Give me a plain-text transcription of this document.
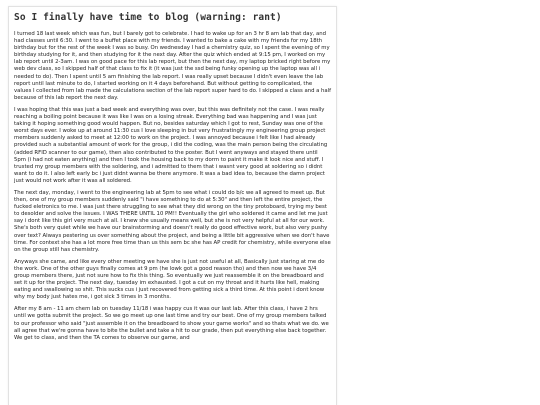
So I finally have time to blog (warning: rant)

I turned 18 last week which was fun, but I barely got to celebrate. I had to wake up for an 3 hr 8 am lab that day, and had classes until 6:30. I went to a buffet place with my friends. I wanted to bake a cake with my friends for my 18th birthday but for the rest of the week I was so busy. On wednesday I had a chemistry quiz, so I spent the evening of my birthday studying for it, and then studying for it the next day. After the quiz which ended at 9:15 pm, I worked on my lab report until 2-3am. I was on good pace for this lab report, but then the next day, my laptop bricked right before my web dev class, so I skipped half of that class to fix it (it was just the ssd being funky opening up the laptop was all i needed to do). Then I spent until 5 am finishing the lab report. I was really upset because I didn't even leave the lab report until last minute to do, I started working on it 4 days beforehand. But without getting to complicated, the values I collected from lab made the calculations section of the lab report super hard to do. I skipped a class and a half because of this lab report the next day.

I was hoping that this was just a bad week and everything was over, but this was definitely not the case. I was really reaching a boiling point because it was like I was on a losing streak. Everything bad was happening and I was just taking it hoping something good would happen. But no, besides saturday which I got to rest, Sunday was one of the worst days ever. I woke up at around 11:30 cus I love sleeping in but very frustratingly my engineering group project members suddenly asked to meet at 12:00 to work on the project. I was annoyed because i felt like I had already provided such a substantial amount of work for the group, i did the coding, was the main person being the circulating (added RFID scanner to our game), then also contributed to the poster. But I went anyways and stayed there until 5pm (i had not eaten anything) and then I took the housing back to my dorm to paint it make it look nice and stuff. I trusted my group members with the soldering, and i admitted to them that i wasnt very good at soldering so i didnt want to do it. I also left early bc i just didnt wanna be there anymore. It was a bad idea to, because the damn project just would not work after it was all soldered.

The next day, monday, i went to the engineering lab at 5pm to see what i could do b/c we all agreed to meet up. But then, one of my group members suddenly said "i have something to do at 5:30" and then left the entire project, the fucked eletronics to me. I was just there struggling to see what they did wrong on the tiny protoboard, trying my best to desolder and solve the issues. I WAS THERE UNTIL 10 PM!! Eventually the girl who soldered it came and let me just say i dont like this girl very much at all. I knew she usually means well, but she is not very helpful at all for our work. She's both very quiet while we have our brainstorming and doesn't really do good effective work, but also very pushy over text? Always pestering us over something about the project, and being a little bit aggressive when we don't have time. For context she has a lot more free time than us this sem bc she has AP credit for chemistry, while everyone else on the group still has chemistry.

Anyways she came, and like every other meeting we have she is just not useful at all, Basically just staring at me do the work. One of the other guys finally comes at 9 pm (he lowk got a good reason tho) and then now we have 3/4 group members there, just not sure how to fix this thing. So eventually we just reassemble it on the breadboard and set it up for the project. The next day, tuesday im exhausted. I got a cut on my throat and it hurts like hell, making eating and swallowing so shit. This sucks cus i just recovered from getting sick a third time. At this point i dont know why my body just hates me, i got sick 3 times in 3 months.

After my 8 am - 11 am chem lab on tuesday 11/18 i was happy cus it was our last lab. After this class, i have 2 hrs until we gotta submit the project. So we go meet up one last time and try our best. One of my group members talked to our professor who said "just assemble it on the breadboard to show your game works" and so thats what we do. we all agree that we're gonna have to bite the bullet and take a hit to our grade, then put everything else back together. We get to class, and then the TA comes to observe our game, and
